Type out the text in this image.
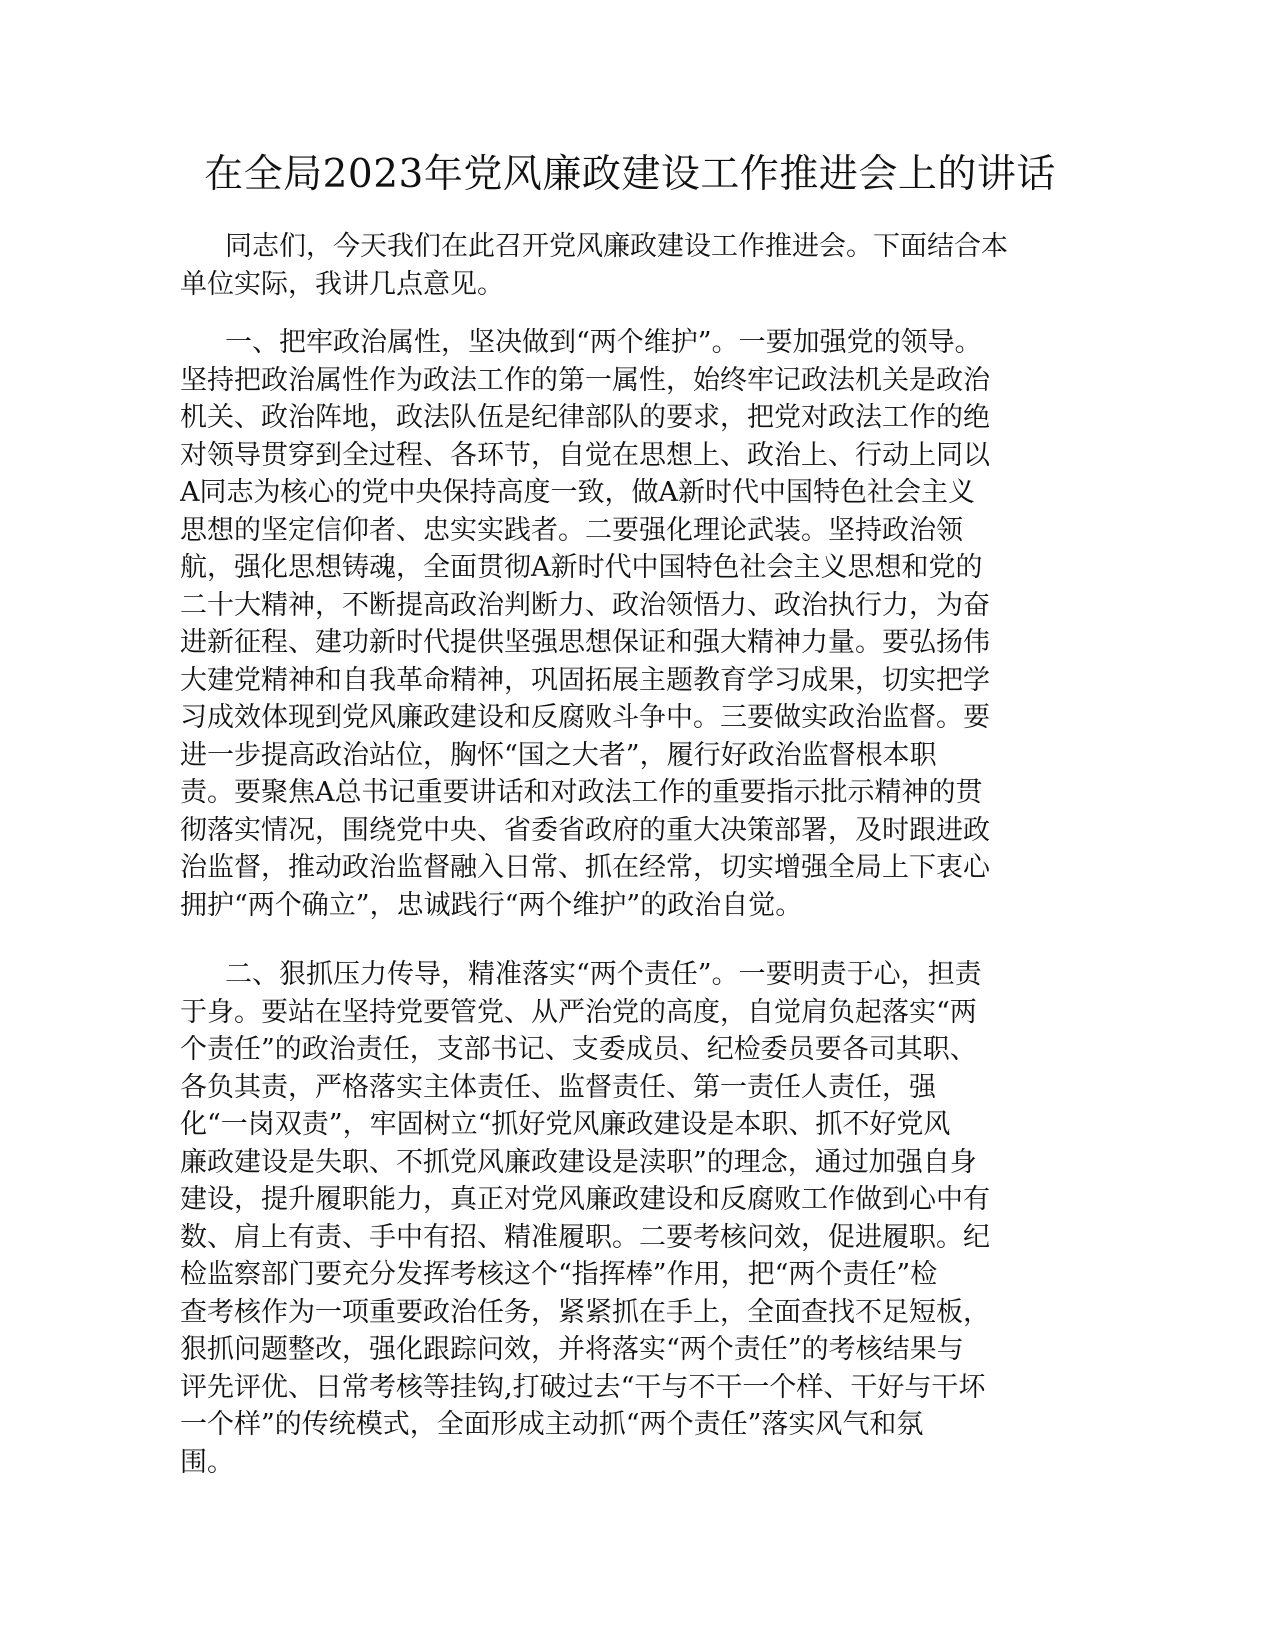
在全局2023年党风廉政建设工作推进会上的讲话
同志们，今天我们在此召开党风廉政建设工作推进会。下面结合本
单位实际，我讲几点意见。
一、把牢政治属性，坚决做到“两个维护”。一要加强党的领导。
坚持把政治属性作为政法工作的第一属性，始终牢记政法机关是政治
机关、政治阵地，政法队伍是纪律部队的要求，把党对政法工作的绝
对领导贯穿到全过程、各环节，自觉在思想上、政治上、行动上同以
A同志为核心的党中央保持高度一致，做A新时代中国特色社会主义
思想的坚定信仰者、忠实实践者。二要强化理论武装。坚持政治领
航，强化思想铸魂，全面贯彻A新时代中国特色社会主义思想和党的
二十大精神，不断提高政治判断力、政治领悟力、政治执行力，为奋
进新征程、建功新时代提供坚强思想保证和强大精神力量。要弘扬伟
大建党精神和自我革命精神，巩固拓展主题教育学习成果，切实把学
习成效体现到党风廉政建设和反腐败斗争中。三要做实政治监督。要
进一步提高政治站位，胸怀“国之大者”，履行好政治监督根本职
责。要聚焦A总书记重要讲话和对政法工作的重要指示批示精神的贯
彻落实情况，围绕党中央、省委省政府的重大决策部署，及时跟进政
治监督，推动政治监督融入日常、抓在经常，切实增强全局上下衷心
拥护“两个确立”，忠诚践行“两个维护”的政治自觉。
二、狠抓压力传导，精准落实“两个责任”。一要明责于心，担责
于身。要站在坚持党要管党、从严治党的高度，自觉肩负起落实“两
个责任”的政治责任，支部书记、支委成员、纪检委员要各司其职、
各负其责，严格落实主体责任、监督责任、第一责任人责任，强
化“一岗双责”，牢固树立“抓好党风廉政建设是本职、抓不好党风
廉政建设是失职、不抓党风廉政建设是渎职”的理念，通过加强自身
建设，提升履职能力，真正对党风廉政建设和反腐败工作做到心中有
数、肩上有责、手中有招、精准履职。二要考核问效，促进履职。纪
检监察部门要充分发挥考核这个“指挥棒”作用，把“两个责任”检
查考核作为一项重要政治任务，紧紧抓在手上，全面查找不足短板，
狠抓问题整改，强化跟踪问效，并将落实“两个责任”的考核结果与
评先评优、日常考核等挂钩,打破过去“干与不干一个样、干好与干坏
一个样”的传统模式，全面形成主动抓“两个责任”落实风气和氛
围。
